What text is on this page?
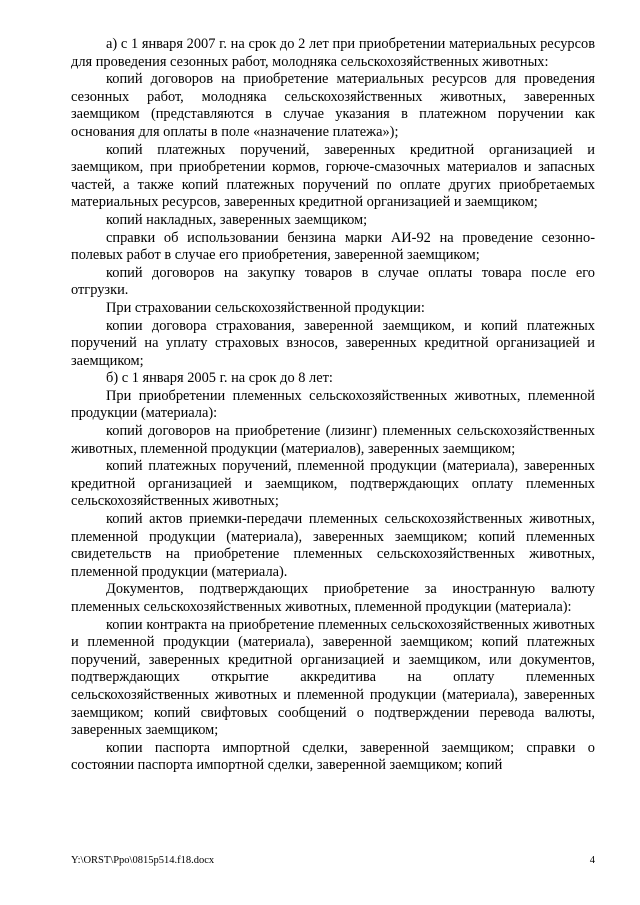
а) с 1 января 2007 г. на срок до 2 лет при приобретении материальных ресурсов для проведения сезонных работ, молодняка сельскохозяйственных животных:

копий договоров на приобретение материальных ресурсов для проведения сезонных работ, молодняка сельскохозяйственных животных, заверенных заемщиком (представляются в случае указания в платежном поручении как основания для оплаты в поле «назначение платежа»);

копий платежных поручений, заверенных кредитной организацией и заемщиком, при приобретении кормов, горюче-смазочных материалов и запасных частей, а также копий платежных поручений по оплате других приобретаемых материальных ресурсов, заверенных кредитной организацией и заемщиком;

копий накладных, заверенных заемщиком;

справки об использовании бензина марки АИ-92 на проведение сезонно-полевых работ в случае его приобретения, заверенной заемщиком;

копий договоров на закупку товаров в случае оплаты товара после его отгрузки.

При страховании сельскохозяйственной продукции:

копии договора страхования, заверенной заемщиком, и копий платежных поручений на уплату страховых взносов, заверенных кредитной организацией и заемщиком;

б) с 1 января 2005 г. на срок до 8 лет:

При приобретении племенных сельскохозяйственных животных, племенной продукции (материала):

копий договоров на приобретение (лизинг) племенных сельскохозяйственных животных, племенной продукции (материалов), заверенных заемщиком;

копий платежных поручений, племенной продукции (материала), заверенных кредитной организацией и заемщиком, подтверждающих оплату племенных сельскохозяйственных животных;

копий актов приемки-передачи племенных сельскохозяйственных животных, племенной продукции (материала), заверенных заемщиком; копий племенных свидетельств на приобретение племенных сельскохозяйственных животных, племенной продукции (материала).

Документов, подтверждающих приобретение за иностранную валюту племенных сельскохозяйственных животных, племенной продукции (материала):

копии контракта на приобретение племенных сельскохозяйственных животных и племенной продукции (материала), заверенной заемщиком; копий платежных поручений, заверенных кредитной организацией и заемщиком, или документов, подтверждающих открытие аккредитива на оплату племенных сельскохозяйственных животных и племенной продукции (материала), заверенных заемщиком; копий свифтовых сообщений о подтверждении перевода валюты, заверенных заемщиком;

копии паспорта импортной сделки, заверенной заемщиком; справки о состоянии паспорта импортной сделки, заверенной заемщиком; копий

Y:\ORST\Ppo\0815p514.f18.docx	4
